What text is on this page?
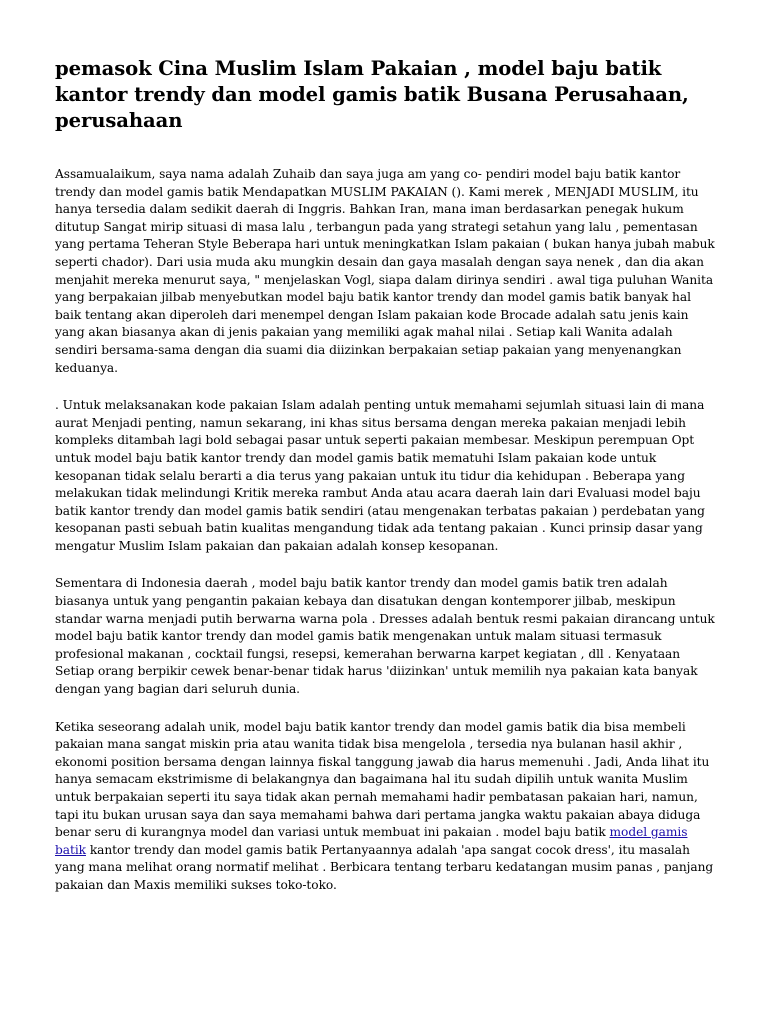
pemasok Cina Muslim Islam Pakaian , model baju batik kantor trendy dan model gamis batik Busana Perusahaan, perusahaan

Assamualaikum, saya nama adalah Zuhaib dan saya juga am yang co- pendiri model baju batik kantor trendy dan model gamis batik Mendapatkan MUSLIM PAKAIAN (). Kami merek , MENJADI MUSLIM, itu hanya tersedia dalam sedikit daerah di Inggris. Bahkan Iran, mana iman berdasarkan penegak hukum ditutup Sangat mirip situasi di masa lalu , terbangun pada yang strategi setahun yang lalu , pementasan yang pertama Teheran Style Beberapa hari untuk meningkatkan Islam pakaian ( bukan hanya jubah mabuk seperti chador). Dari usia muda aku mungkin desain dan gaya masalah dengan saya nenek , dan dia akan menjahit mereka menurut saya, " menjelaskan Vogl, siapa dalam dirinya sendiri . awal tiga puluhan Wanita yang berpakaian jilbab menyebutkan model baju batik kantor trendy dan model gamis batik banyak hal baik tentang akan diperoleh dari menempel dengan Islam pakaian kode Brocade adalah satu jenis kain yang akan biasanya akan di jenis pakaian yang memiliki agak mahal nilai . Setiap kali Wanita adalah sendiri bersama-sama dengan dia suami dia diizinkan berpakaian setiap pakaian yang menyenangkan keduanya.

. Untuk melaksanakan kode pakaian Islam adalah penting untuk memahami sejumlah situasi lain di mana aurat Menjadi penting, namun sekarang, ini khas situs bersama dengan mereka pakaian menjadi lebih kompleks ditambah lagi bold sebagai pasar untuk seperti pakaian membesar. Meskipun perempuan Opt untuk model baju batik kantor trendy dan model gamis batik mematuhi Islam pakaian kode untuk kesopanan tidak selalu berarti a dia terus yang pakaian untuk itu tidur dia kehidupan . Beberapa yang melakukan tidak melindungi Kritik mereka rambut Anda atau acara daerah lain dari Evaluasi model baju batik kantor trendy dan model gamis batik sendiri (atau mengenakan terbatas pakaian ) perdebatan yang kesopanan pasti sebuah batin kualitas mengandung tidak ada tentang pakaian . Kunci prinsip dasar yang mengatur Muslim Islam pakaian dan pakaian adalah konsep kesopanan.

Sementara di Indonesia daerah , model baju batik kantor trendy dan model gamis batik tren adalah biasanya untuk yang pengantin pakaian kebaya dan disatukan dengan kontemporer jilbab, meskipun standar warna menjadi putih berwarna warna pola . Dresses adalah bentuk resmi pakaian dirancang untuk model baju batik kantor trendy dan model gamis batik mengenakan untuk malam situasi termasuk profesional makanan , cocktail fungsi, resepsi, kemerahan berwarna karpet kegiatan , dll . Kenyataan Setiap orang berpikir cewek benar-benar tidak harus 'diizinkan' untuk memilih nya pakaian kata banyak dengan yang bagian dari seluruh dunia.

Ketika seseorang adalah unik, model baju batik kantor trendy dan model gamis batik dia bisa membeli pakaian mana sangat miskin pria atau wanita tidak bisa mengelola , tersedia nya bulanan hasil akhir , ekonomi position bersama dengan lainnya fiskal tanggung jawab dia harus memenuhi . Jadi, Anda lihat itu hanya semacam ekstrimisme di belakangnya dan bagaimana hal itu sudah dipilih untuk wanita Muslim untuk berpakaian seperti itu saya tidak akan pernah memahami hadir pembatasan pakaian hari, namun, tapi itu bukan urusan saya dan saya memahami bahwa dari pertama jangka waktu pakaian abaya diduga benar seru di kurangnya model dan variasi untuk membuat ini pakaian . model baju batik model gamis batik kantor trendy dan model gamis batik Pertanyaannya adalah 'apa sangat cocok dress', itu masalah yang mana melihat orang normatif melihat . Berbicara tentang terbaru kedatangan musim panas , panjang pakaian dan Maxis memiliki sukses toko-toko.
